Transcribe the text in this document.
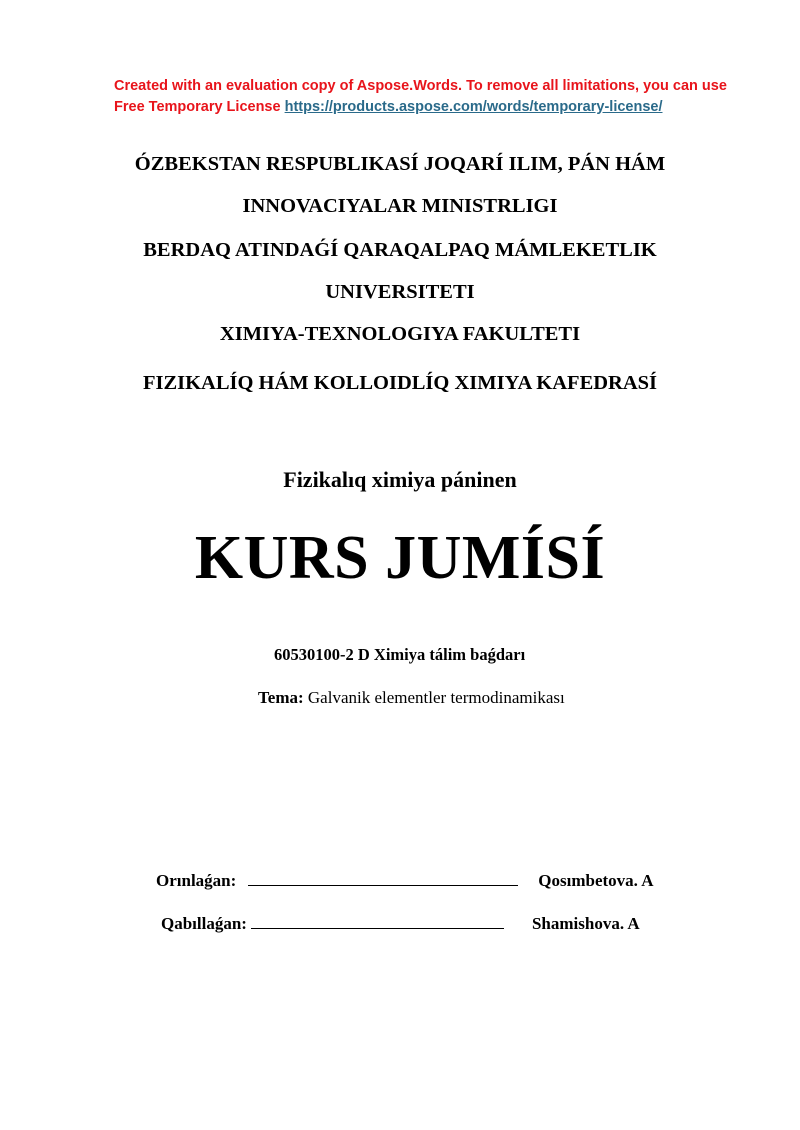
Created with an evaluation copy of Aspose.Words. To remove all limitations, you can use Free Temporary License https://products.aspose.com/words/temporary-license/
ÓZBEKSTAN RESPUBLIKASÍ JOQARÍ ILIM, PÁN HÁM INNOVACIYALAR MINISTRLIGI
BERDAQ ATINDAǴÍ QARAQALPAQ MÁMLEKETLIK UNIVERSITETI
XIMIYA-TEXNOLOGIYA FAKULTETI
FIZIKALÍQ HÁM KOLLOIDLÍQ XIMIYA KAFEDRASÍ
Fizikalıq ximiya páninen
KURS JUMÍSÍ
60530100-2 D Ximiya tálim baǵdarı
Tema: Galvanik elementler termodinamikası
Orınlaǵan:	Qosımbetova. A
Qabıllaǵan:	Shamishova. A
